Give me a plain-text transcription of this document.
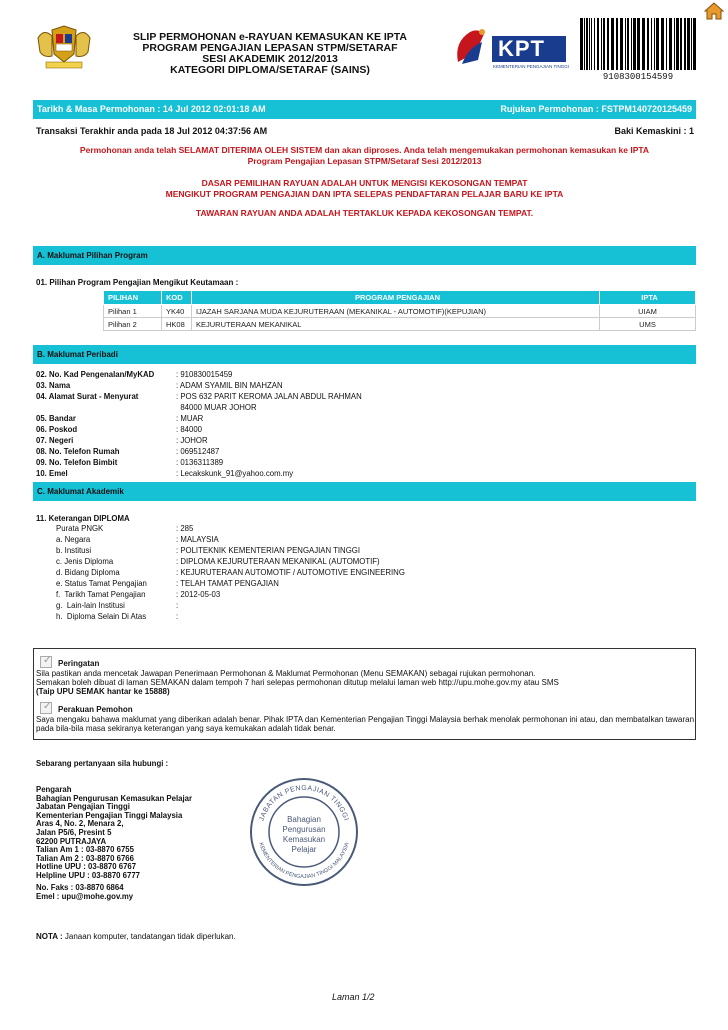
SLIP PERMOHONAN e-RAYUAN KEMASUKAN KE IPTA
PROGRAM PENGAJIAN LEPASAN STPM/SETARAF
SESI AKADEMIK 2012/2013
KATEGORI DIPLOMA/SETARAF (SAINS)
KPT
KEMENTERIAN PENGAJIAN TINGGI
9108300154599
Tarikh & Masa Permohonan : 14 Jul 2012 02:01:18 AM	Rujukan Permohonan : FSTPM140720125459
Transaksi Terakhir anda pada 18 Jul 2012 04:37:56 AM	Baki Kemaskini : 1
Permohonan anda telah SELAMAT DITERIMA OLEH SISTEM dan akan diproses. Anda telah mengemukakan permohonan kemasukan ke IPTA
Program Pengajian Lepasan STPM/Setaraf Sesi 2012/2013
DASAR PEMILIHAN RAYUAN ADALAH UNTUK MENGISI KEKOSONGAN TEMPAT
MENGIKUT PROGRAM PENGAJIAN DAN IPTA SELEPAS PENDAFTARAN PELAJAR BARU KE IPTA
TAWARAN RAYUAN ANDA ADALAH TERTAKLUK KEPADA KEKOSONGAN TEMPAT.
A. Maklumat Pilihan Program
01. Pilihan Program Pengajian Mengikut Keutamaan :
PILIHAN	KOD	PROGRAM PENGAJIAN	IPTA
Pilihan 1	YK40	IJAZAH SARJANA MUDA KEJURUTERAAN (MEKANIKAL - AUTOMOTIF)(KEPUJIAN)	UIAM
Pilihan 2	HK08	KEJURUTERAAN MEKANIKAL	UMS
B. Maklumat Peribadi
02. No. Kad Pengenalan/MyKAD	: 910830015459
03. Nama	: ADAM SYAMIL BIN MAHZAN
04. Alamat Surat - Menyurat	: POS 632 PARIT KEROMA JALAN ABDUL RAHMAN
84000 MUAR JOHOR
05. Bandar	: MUAR
06. Poskod	: 84000
07. Negeri	: JOHOR
08. No. Telefon Rumah	: 069512487
09. No. Telefon Bimbit	: 0136311389
10. Emel	: Lecakskunk_91@yahoo.com.my
C. Maklumat Akademik
11. Keterangan DIPLOMA
Purata PNGK	: 285
a. Negara	: MALAYSIA
b. Institusi	: POLITEKNIK KEMENTERIAN PENGAJIAN TINGGI
c. Jenis Diploma	: DIPLOMA KEJURUTERAAN MEKANIKAL (AUTOMOTIF)
d. Bidang Diploma	: KEJURUTERAAN AUTOMOTIF / AUTOMOTIVE ENGINEERING
e. Status Tamat Pengajian	: TELAH TAMAT PENGAJIAN
f.  Tarikh Tamat Pengajian	: 2012-05-03
g.  Lain-lain Institusi	:
h.  Diploma Selain Di Atas	:
✓Peringatan
Sila pastikan anda mencetak Jawapan Penerimaan Permohonan & Maklumat Permohonan (Menu SEMAKAN) sebagai rujukan permohonan.
Semakan boleh dibuat di laman SEMAKAN dalam tempoh 7 hari selepas permohonan ditutup melalui laman web http://upu.mohe.gov.my atau SMS
(Taip UPU SEMAK hantar ke 15888)
✓Perakuan Pemohon
Saya mengaku bahawa maklumat yang diberikan adalah benar. Pihak IPTA dan Kementerian Pengajian Tinggi Malaysia berhak menolak permohonan ini atau, dan membatalkan tawaran
pada bila-bila masa sekiranya keterangan yang saya kemukakan adalah tidak benar.
Sebarang pertanyaan sila hubungi :
Pengarah
Bahagian Pengurusan Kemasukan Pelajar
Jabatan Pengajian Tinggi
Kementerian Pengajian Tinggi Malaysia
Aras 4, No. 2, Menara 2,
Jalan P5/6, Presint 5
62200 PUTRAJAYA
Talian Am 1 : 03-8870 6755
Talian Am 2 : 03-8870 6766
Hotline UPU : 03-8870 6767
Helpline UPU : 03-8870 6777
No. Faks : 03-8870 6864
Emel : upu@mohe.gov.my
JABATAN PENGAJIAN TINGGI
KEMENTERIAN PENGAJIAN TINGGI MALAYSIA
Bahagian
Pengurusan
Kemasukan
Pelajar
NOTA : Janaan komputer, tandatangan tidak diperlukan.
Laman 1/2
